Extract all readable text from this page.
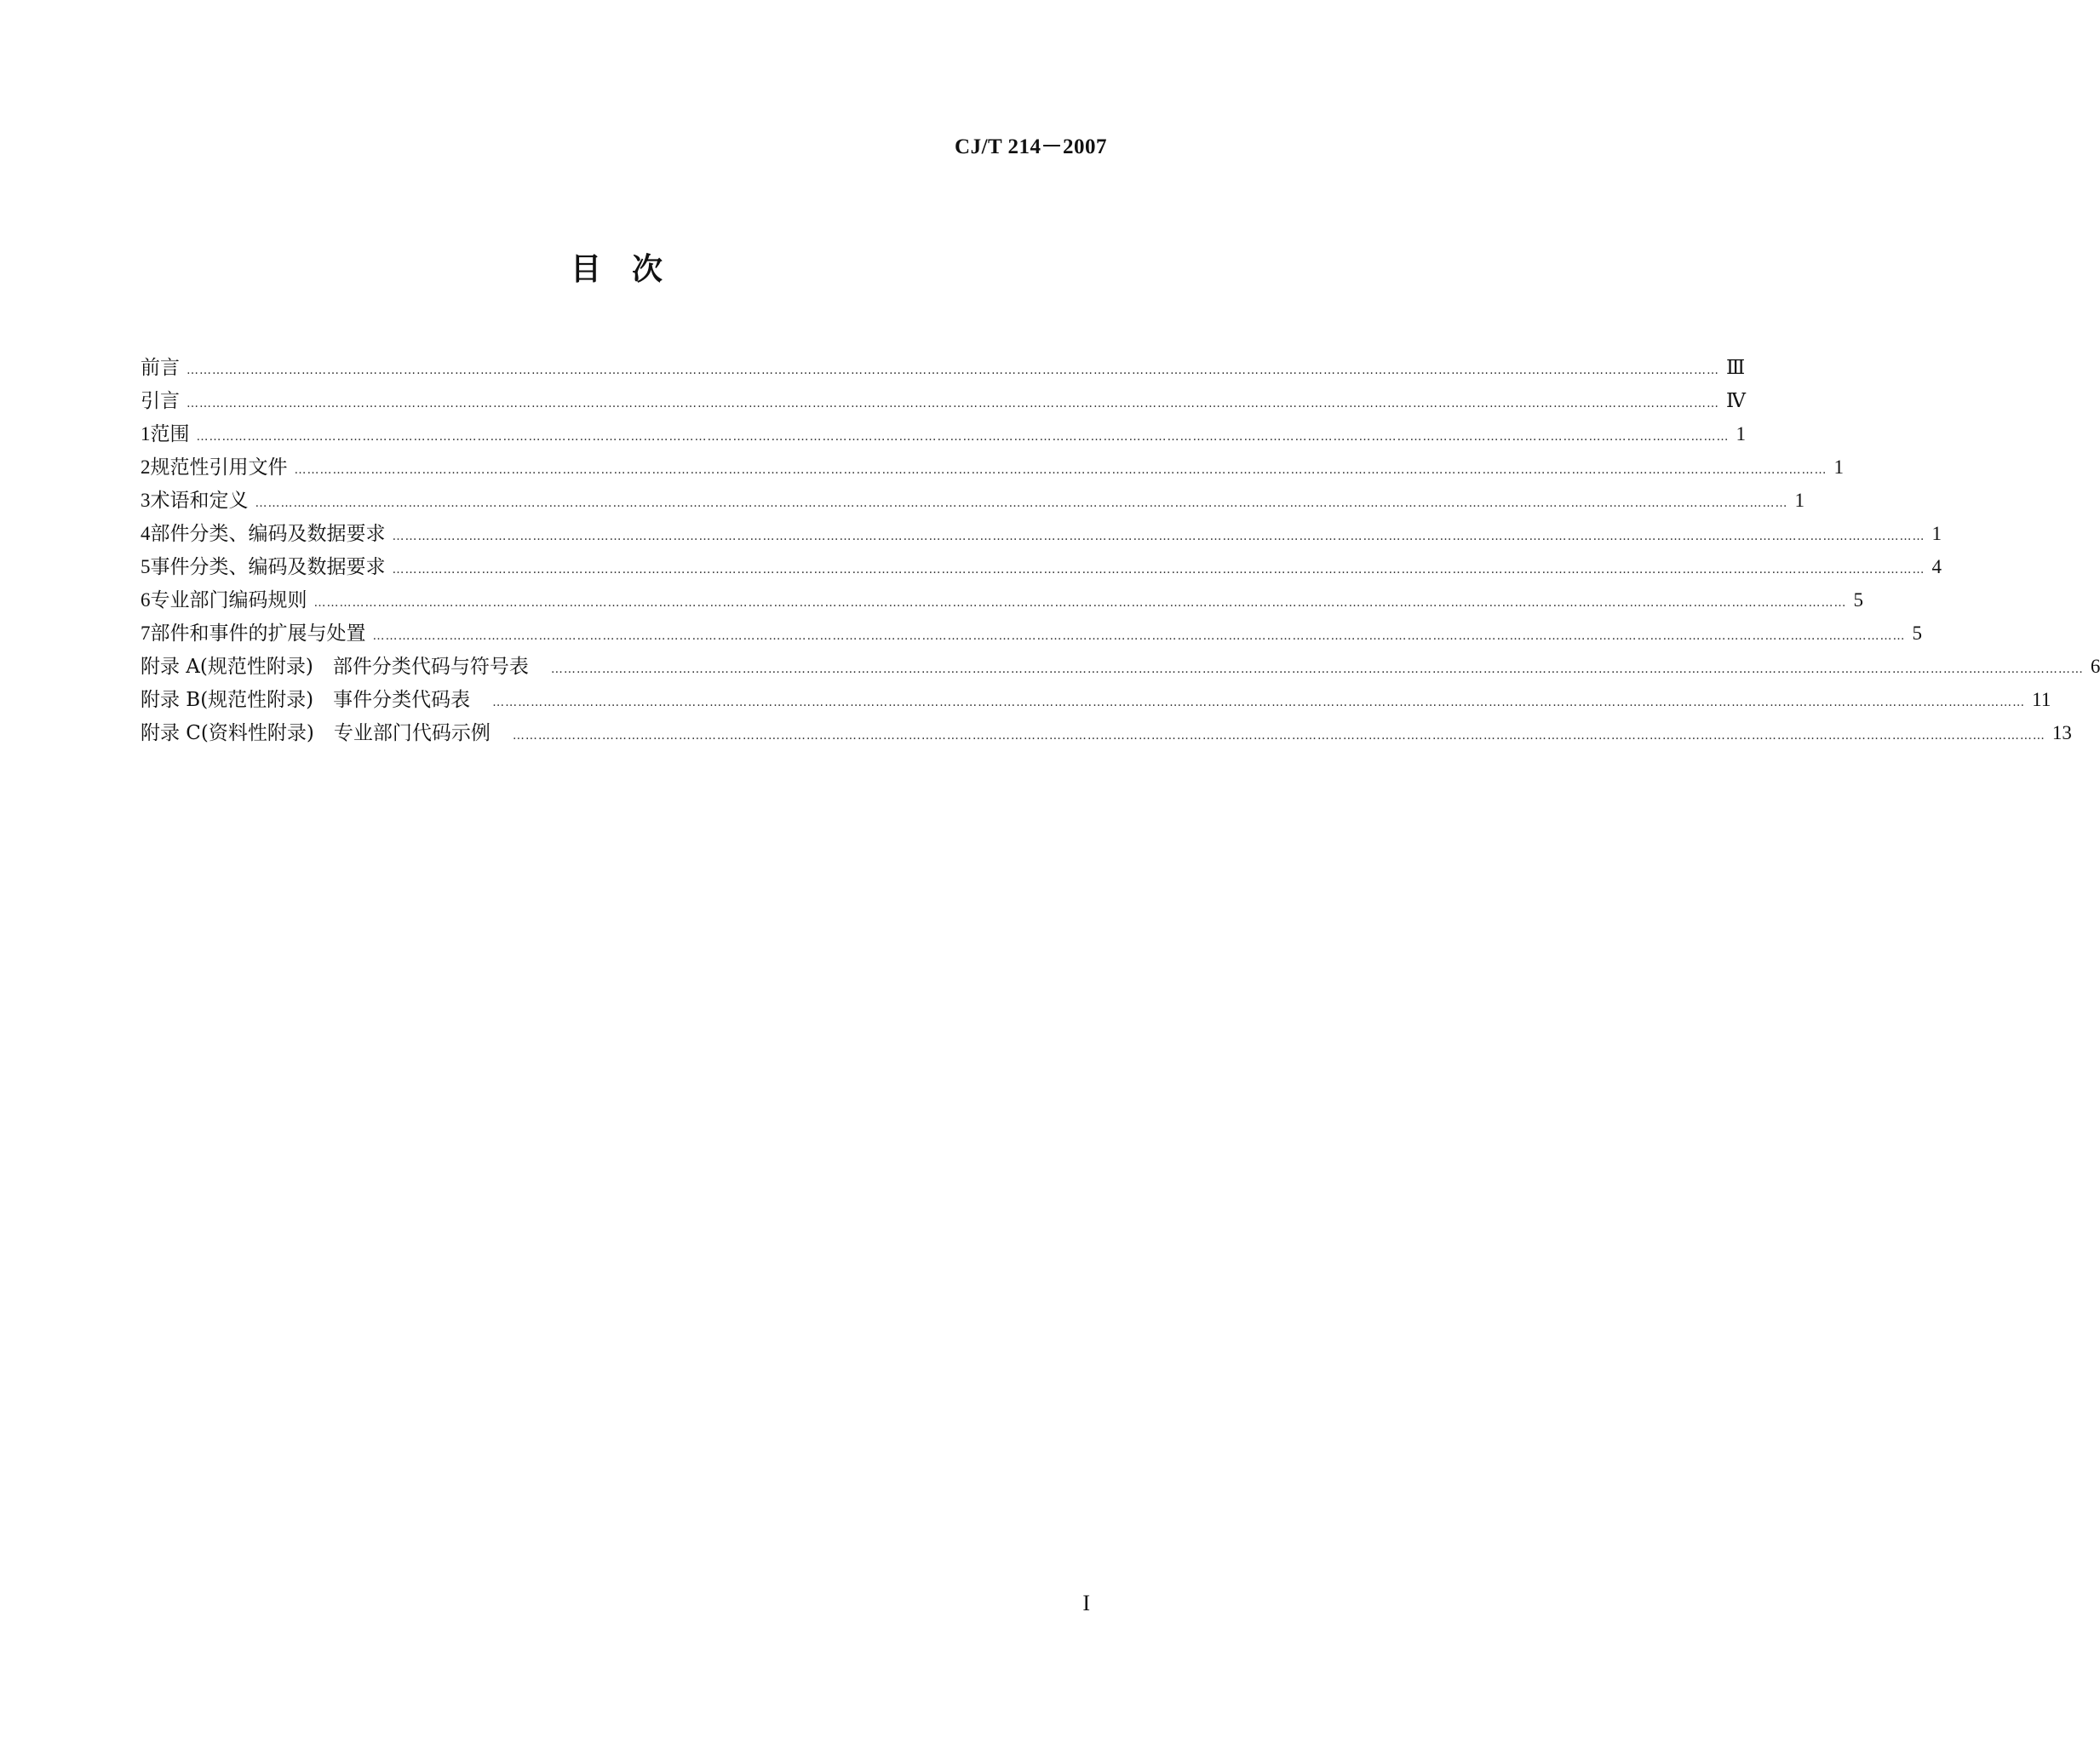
CJ/T 214－2007
目　次
前言 ……………………………………………………………………………………………………………………………………………………………………………………………………………………………………………………………………………………………………………………………… Ⅲ
引言 ……………………………………………………………………………………………………………………………………………………………………………………………………………………………………………………………………………………………………………………………… Ⅳ
1 范围 ……………………………………………………………………………………………………………………………………………………………………………………………………………………………………………………………………………………………………………………………… 1
2 规范性引用文件 ……………………………………………………………………………………………………………………………………………………………………………………………………………………………………………………………………………………………………………………………… 1
3 术语和定义 ……………………………………………………………………………………………………………………………………………………………………………………………………………………………………………………………………………………………………………………………… 1
4 部件分类、编码及数据要求 ……………………………………………………………………………………………………………………………………………………………………………………………………………………………………………………………………………………………………………………………… 1
5 事件分类、编码及数据要求 ……………………………………………………………………………………………………………………………………………………………………………………………………………………………………………………………………………………………………………………………… 4
6 专业部门编码规则 ……………………………………………………………………………………………………………………………………………………………………………………………………………………………………………………………………………………………………………………………… 5
7 部件和事件的扩展与处置 ……………………………………………………………………………………………………………………………………………………………………………………………………………………………………………………………………………………………………………………………… 5
附录 A(规范性附录)　部件分类代码与符号表	……………………………………………………………………………………………………………………………………………………………………………………………………………………………………………………………………………………………………………………………… 6
附录 B(规范性附录)　事件分类代码表	……………………………………………………………………………………………………………………………………………………………………………………………………………………………………………………………………………………………………………………………… 11
附录 C(资料性附录)　专业部门代码示例	……………………………………………………………………………………………………………………………………………………………………………………………………………………………………………………………………………………………………………………………… 13
I
